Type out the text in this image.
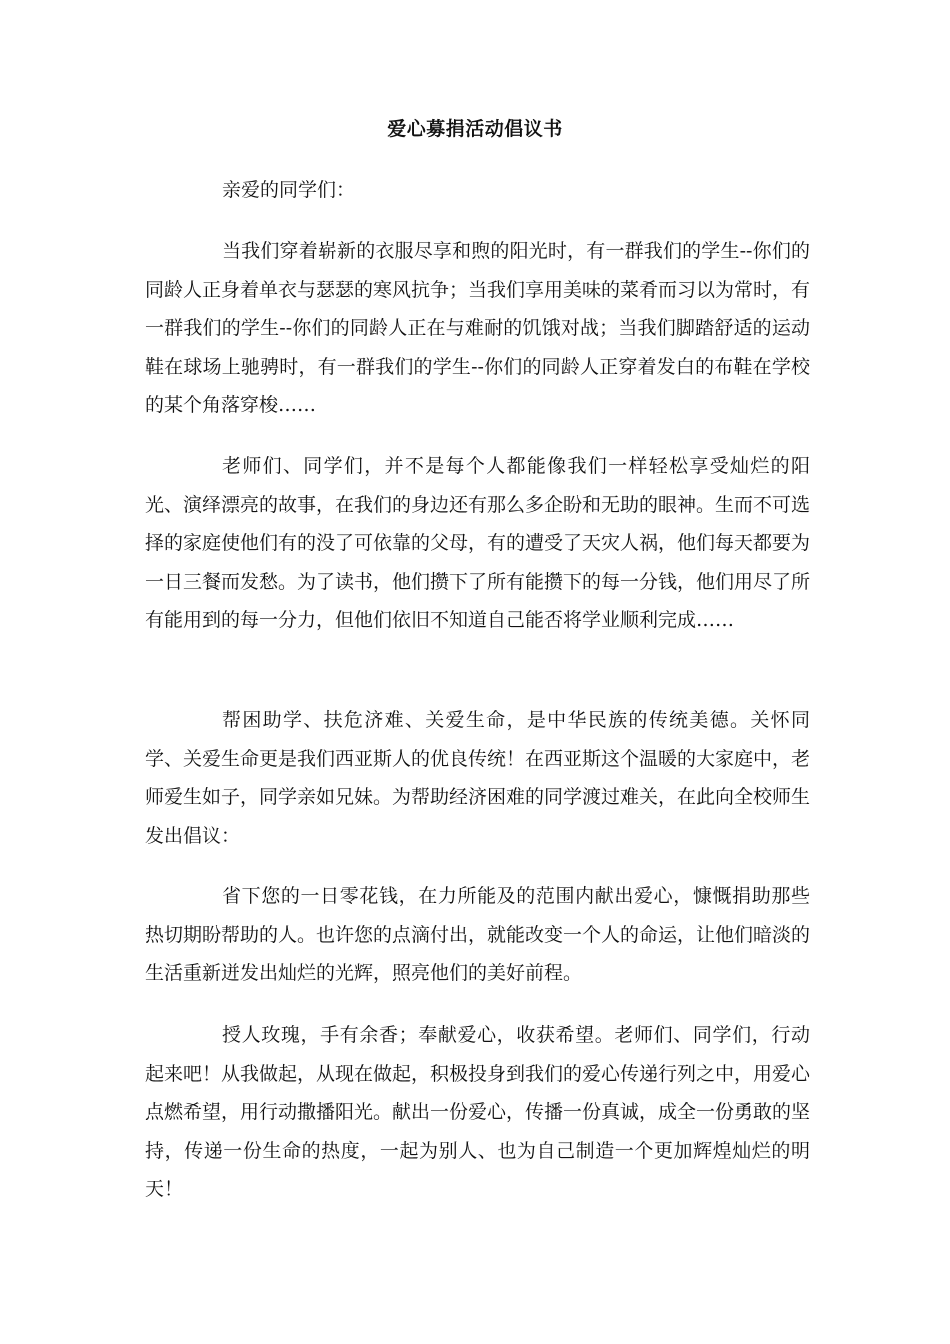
爱心募捐活动倡议书
亲爱的同学们：

当我们穿着崭新的衣服尽享和煦的阳光时，有一群我们的学生--你们的同龄人正身着单衣与瑟瑟的寒风抗争；当我们享用美味的菜肴而习以为常时，有一群我们的学生--你们的同龄人正在与难耐的饥饿对战；当我们脚踏舒适的运动鞋在球场上驰骋时，有一群我们的学生--你们的同龄人正穿着发白的布鞋在学校的某个角落穿梭……

老师们、同学们，并不是每个人都能像我们一样轻松享受灿烂的阳光、演绎漂亮的故事，在我们的身边还有那么多企盼和无助的眼神。生而不可选择的家庭使他们有的没了可依靠的父母，有的遭受了天灾人祸，他们每天都要为一日三餐而发愁。为了读书，他们攒下了所有能攒下的每一分钱，他们用尽了所有能用到的每一分力，但他们依旧不知道自己能否将学业顺利完成……

帮困助学、扶危济难、关爱生命，是中华民族的传统美德。关怀同学、关爱生命更是我们西亚斯人的优良传统！在西亚斯这个温暖的大家庭中，老师爱生如子，同学亲如兄妹。为帮助经济困难的同学渡过难关，在此向全校师生发出倡议：

省下您的一日零花钱，在力所能及的范围内献出爱心，慷慨捐助那些热切期盼帮助的人。也许您的点滴付出，就能改变一个人的命运，让他们暗淡的生活重新迸发出灿烂的光辉，照亮他们的美好前程。

授人玫瑰，手有余香；奉献爱心，收获希望。老师们、同学们，行动起来吧！从我做起，从现在做起，积极投身到我们的爱心传递行列之中，用爱心点燃希望，用行动撒播阳光。献出一份爱心，传播一份真诚，成全一份勇敢的坚持，传递一份生命的热度，一起为别人、也为自己制造一个更加辉煌灿烂的明天！
